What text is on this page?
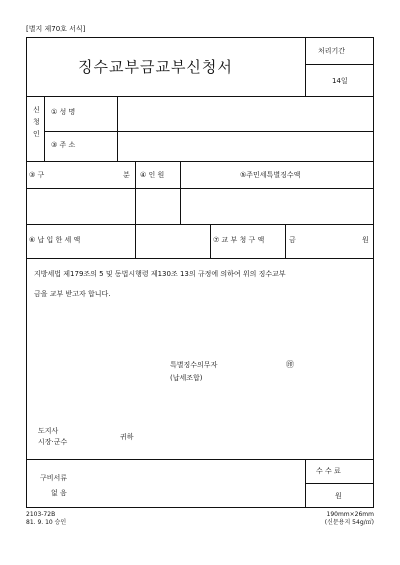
[별지 제70호 서식]
징수교부금교부신청서
처리기간
14일
신
청
인
① 성 명
③ 주 소
③ 구	분 ④ 인 원	⑤주민세특별징수액
⑥ 납 입 한 세 액	⑦ 교 부 청 구 액	금	원
지방세법 제179조의 5 및 동법시행령 제130조 13의 규정에 의하여 위의 징수교부
금을 교부 받고자 합니다.
특별징수의무자
(납세조합)
㊞
도지사
시장·군수
귀하
구비서류
없 음
수 수 료
원
2103-72B
81. 9. 10 승인
190mm×26mm
(신문용지 54g/㎡)
